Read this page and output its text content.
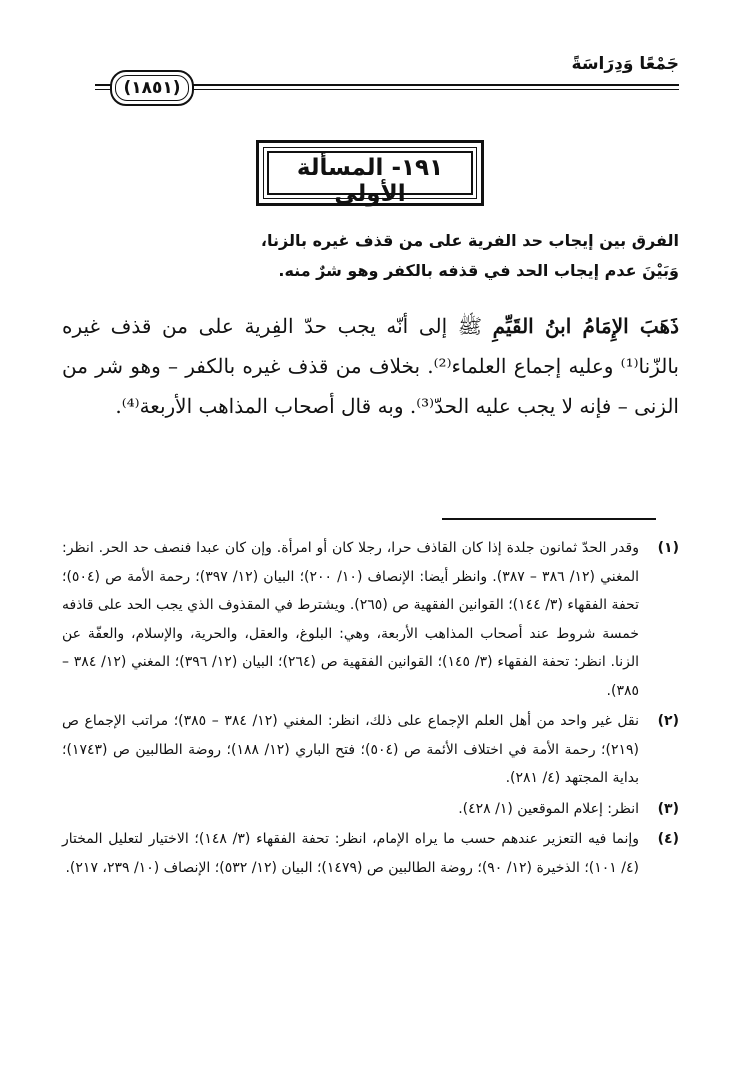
جَمْعًا وَدِرَاسَةً
(١٨٥١)
١٩١- المسألة الأولى
الفرق بين إيجاب حد الفرية على من قذف غيره بالزنا،
وَبَيْنَ عدم إيجاب الحد في قذفه بالكفر وهو شرٌ منه.

ذَهَبَ الإِمَامُ ابنُ القَيِّمِ ﷺ إلى أنّه يجب حدّ الفِرية على من قذف غيره بالزّنا⁽¹⁾ وعليه إجماع العلماء⁽²⁾. بخلاف من قذف غيره بالكفر – وهو شر من الزنى – فإنه لا يجب عليه الحدّ⁽³⁾. وبه قال أصحاب المذاهب الأربعة⁽⁴⁾.

(١)
وقدر الحدّ ثمانون جلدة إذا كان القاذف حرا، رجلا كان أو امرأة. وإن كان عبدا فنصف حد الحر. انظر: المغني (١٢/ ٣٨٦ – ٣٨٧). وانظر أيضا: الإنصاف (١٠/ ٢٠٠)؛ البيان (١٢/ ٣٩٧)؛ رحمة الأمة ص (٥٠٤)؛ تحفة الفقهاء (٣/ ١٤٤)؛ القوانين الفقهية ص (٢٦٥). ويشترط في المقذوف الذي يجب الحد على قاذفه خمسة شروط عند أصحاب المذاهب الأربعة، وهي: البلوغ، والعقل، والحرية، والإسلام، والعفّة عن الزنا. انظر: تحفة الفقهاء (٣/ ١٤٥)؛ القوانين الفقهية ص (٢٦٤)؛ البيان (١٢/ ٣٩٦)؛ المغني (١٢/ ٣٨٤ – ٣٨٥).
(٢)
نقل غير واحد من أهل العلم الإجماع على ذلك، انظر: المغني (١٢/ ٣٨٤ – ٣٨٥)؛ مراتب الإجماع ص (٢١٩)؛ رحمة الأمة في اختلاف الأئمة ص (٥٠٤)؛ فتح الباري (١٢/ ١٨٨)؛ روضة الطالبين ص (١٧٤٣)؛ بداية المجتهد (٤/ ٢٨١).
(٣)
انظر: إعلام الموقعين (١/ ٤٢٨).
(٤)
وإنما فيه التعزير عندهم حسب ما يراه الإمام، انظر: تحفة الفقهاء (٣/ ١٤٨)؛ الاختيار لتعليل المختار (٤/ ١٠١)؛ الذخيرة (١٢/ ٩٠)؛ روضة الطالبين ص (١٤٧٩)؛ البيان (١٢/ ٥٣٢)؛ الإنصاف (١٠/ ٢٣٩، ٢١٧).
